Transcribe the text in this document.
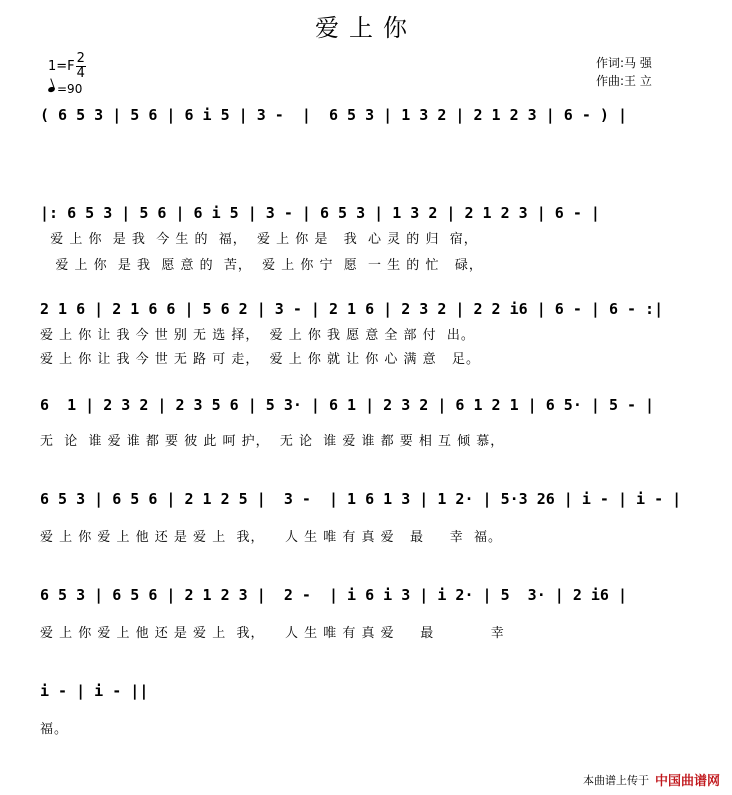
爱上你
$1=F \frac{2}{4}$
=90
作词:马 强
作曲:王 立
( 6 5 3 | 5 6 | 6 i 5 | 3 -  |  6 5 3 | 1 3 2 | 2 1 2 3 | 6 - ) |
|: 6 5 3 | 5 6 | 6 i 5 | 3 - | 6 5 3 | 1 3 2 | 2 1 2 3 | 6 - |
爱 上 你  是 我  今 生 的  福，  爱 上 你 是   我  心 灵 的 归  宿，
爱 上 你  是 我  愿 意 的  苦，  爱 上 你 宁  愿  一 生 的 忙   碌，
2 1 6 | 2 1 6 6 | 5 6 2 | 3 - | 2 1 6 | 2 3 2 | 2 2 i6 | 6 - | 6 - :|
爱 上 你 让 我 今 世 别 无 选 择，  爱 上 你 我 愿 意 全 部 付  出。
爱 上 你 让 我 今 世 无 路 可 走，  爱 上 你 就 让 你 心 满 意   足。
6  1 | 2 3 2 | 2 3 5 6 | 5 3· | 6 1 | 2 3 2 | 6 1 2 1 | 6 5· | 5 - |
无  论  谁 爱 谁 都 要 彼 此 呵 护，  无 论  谁 爱 谁 都 要 相 互 倾 慕，
6 5 3 | 6 5 6 | 2 1 2 5 |  3 -  | 1 6 1 3 | 1 2· | 5·3 26 | i - | i - |
爱 上 你 爱 上 他 还 是 爱 上  我，    人 生 唯 有 真 爱   最     幸  福。
6 5 3 | 6 5 6 | 2 1 2 3 |  2 -  | i 6 i 3 | i 2· | 5  3· | 2 i6 |
爱 上 你 爱 上 他 还 是 爱 上  我，    人 生 唯 有 真 爱     最           幸
i - | i - ||
福。
本曲谱上传于 中国曲谱网
